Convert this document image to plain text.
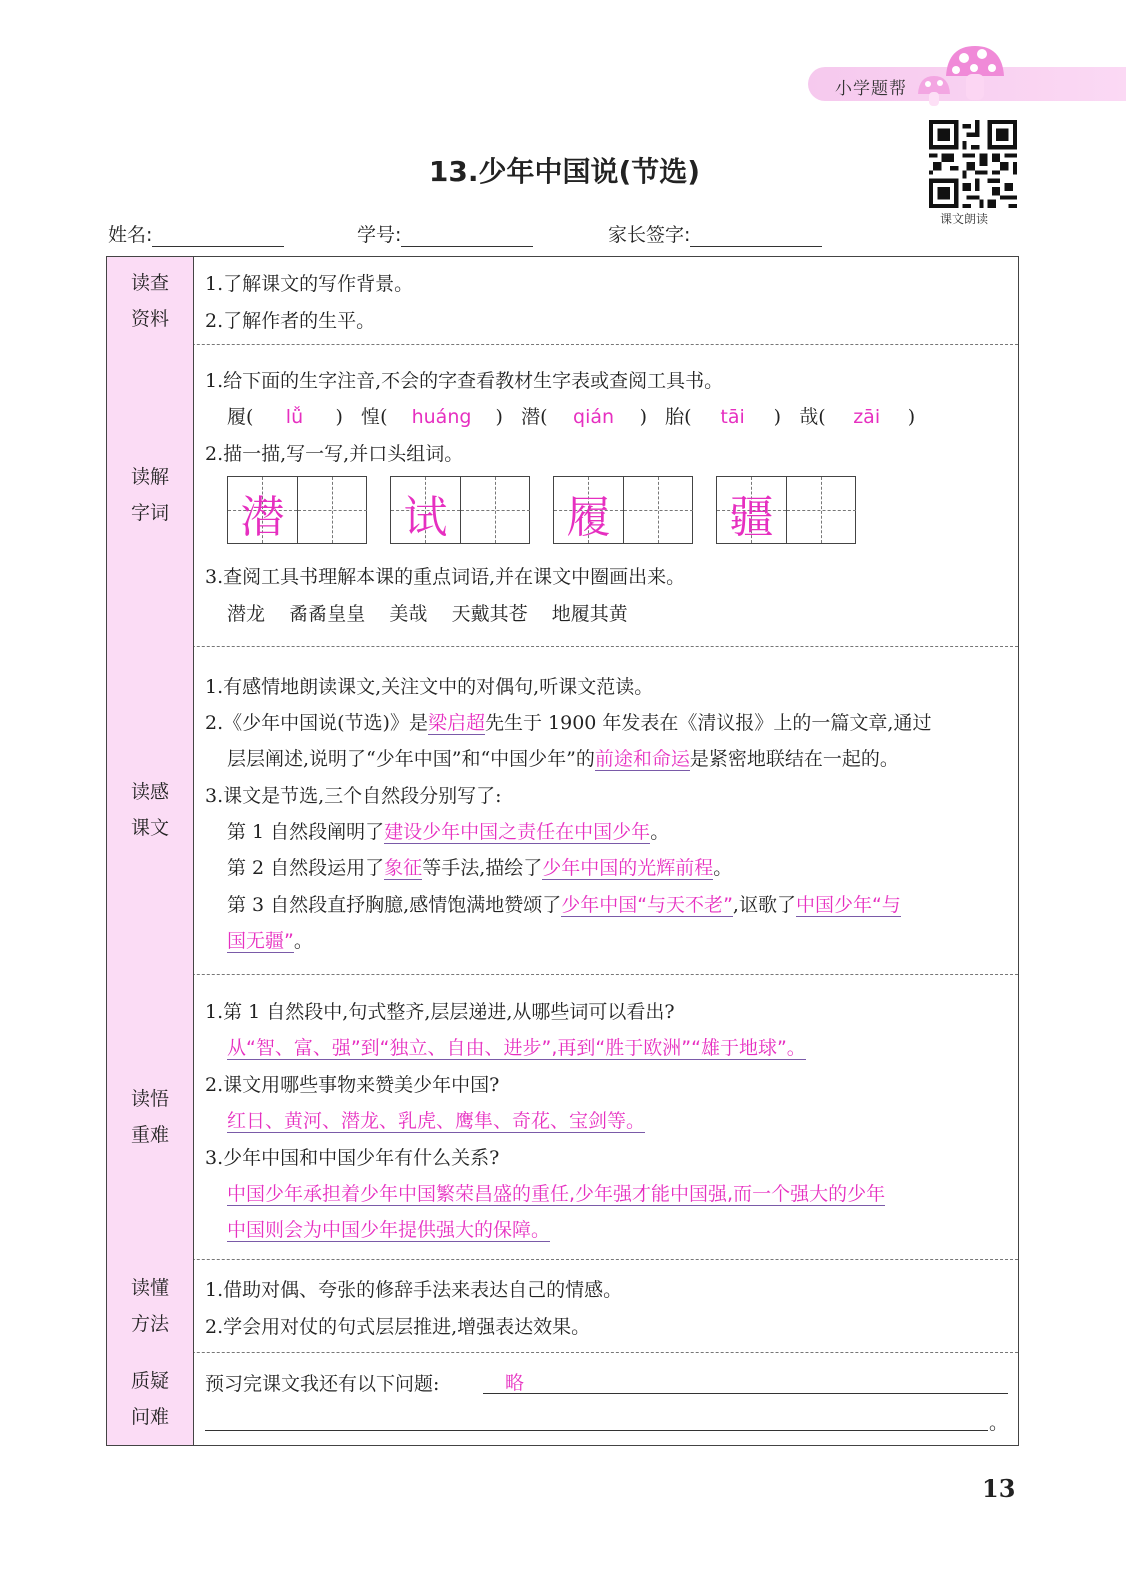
小学题帮
课文朗读
13.少年中国说(节选)
姓名:	学号:	家长签字:
读查
资料
1.了解课文的写作背景。
2.了解作者的生平。
读解
字词
1.给下面的生字注音,不会的字查看教材生字表或查阅工具书。
履( lǚ )   惶( huáng )   潜( qián )   胎( tāi )   哉( zāi )
2.描一描,写一写,并口头组词。
潜	试	履	疆
3.查阅工具书理解本课的重点词语,并在课文中圈画出来。
潜龙 矞矞皇皇 美哉 天戴其苍 地履其黄
读感
课文
1.有感情地朗读课文,关注文中的对偶句,听课文范读。
2.《少年中国说(节选)》是梁启超先生于 1900 年发表在《清议报》上的一篇文章,通过
层层阐述,说明了“少年中国”和“中国少年”的前途和命运是紧密地联结在一起的。
3.课文是节选,三个自然段分别写了:
第 1 自然段阐明了建设少年中国之责任在中国少年。
第 2 自然段运用了象征等手法,描绘了少年中国的光辉前程。
第 3 自然段直抒胸臆,感情饱满地赞颂了少年中国“与天不老”,讴歌了中国少年“与
国无疆”。
读悟
重难
1.第 1 自然段中,句式整齐,层层递进,从哪些词可以看出?
从“智、富、强”到“独立、自由、进步”,再到“胜于欧洲”“雄于地球”。
2.课文用哪些事物来赞美少年中国?
红日、黄河、潜龙、乳虎、鹰隼、奇花、宝剑等。
3.少年中国和中国少年有什么关系?
中国少年承担着少年中国繁荣昌盛的重任,少年强才能中国强,而一个强大的少年
中国则会为中国少年提供强大的保障。
读懂
方法
1.借助对偶、夸张的修辞手法来表达自己的情感。
2.学会用对仗的句式层层推进,增强表达效果。
质疑
问难
预习完课文我还有以下问题:	略
。
13
